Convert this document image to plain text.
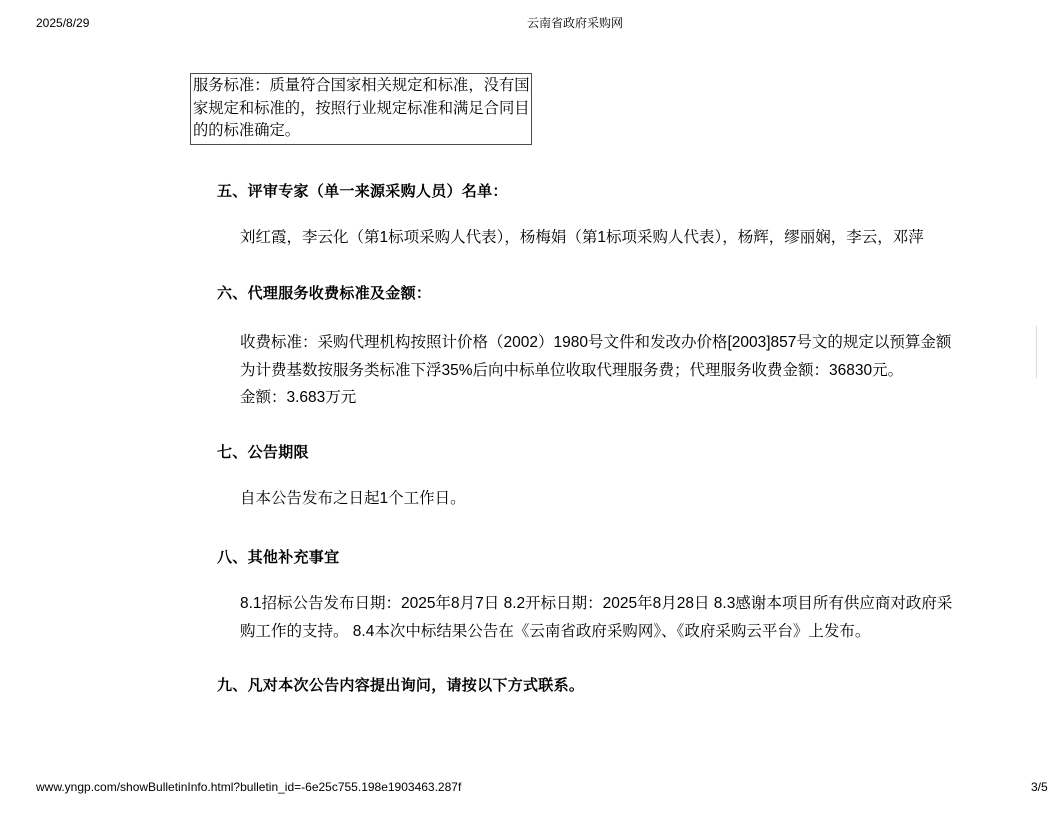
2025/8/29	云南省政府采购网
服务标准：质量符合国家相关规定和标准，没有国
家规定和标准的，按照行业规定标准和满足合同目
的的标准确定。
五、评审专家（单一来源采购人员）名单：
刘红霞，李云化（第1标项采购人代表），杨梅娟（第1标项采购人代表），杨辉，缪丽娴，李云，邓萍
六、代理服务收费标准及金额：
收费标准：采购代理机构按照计价格（2002）1980号文件和发改办价格[2003]857号文的规定以预算金额
为计费基数按服务类标准下浮35%后向中标单位收取代理服务费；代理服务收费金额：36830元。
金额：3.683万元
七、公告期限
自本公告发布之日起1个工作日。
八、其他补充事宜
8.1招标公告发布日期：2025年8月7日 8.2开标日期：2025年8月28日 8.3感谢本项目所有供应商对政府采
购工作的支持。 8.4本次中标结果公告在《云南省政府采购网》、《政府采购云平台》上发布。
九、凡对本次公告内容提出询问，请按以下方式联系。
www.yngp.com/showBulletinInfo.html?bulletin_id=-6e25c755.198e1903463.287f	3/5
